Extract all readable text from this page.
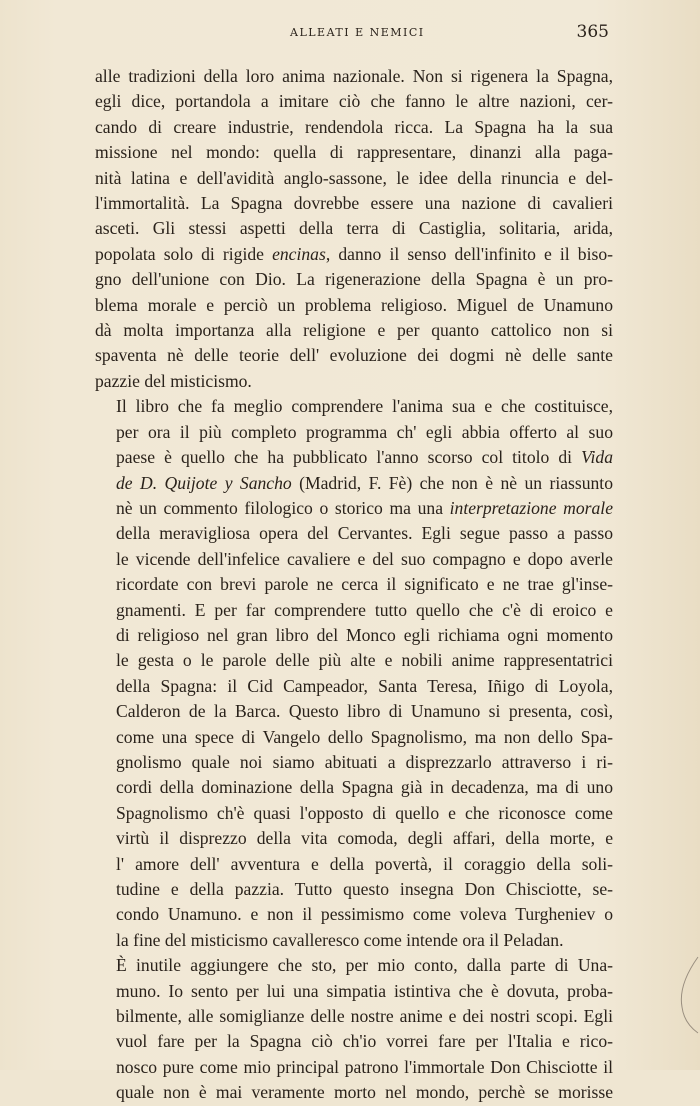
ALLEATI E NEMICI	365
alle tradizioni della loro anima nazionale. Non si rigenera la Spagna,
egli dice, portandola a imitare ciò che fanno le altre nazioni, cer-
cando di creare industrie, rendendola ricca. La Spagna ha la sua
missione nel mondo: quella di rappresentare, dinanzi alla paga-
nità latina e dell'avidità anglo-sassone, le idee della rinuncia e del-
l'immortalità. La Spagna dovrebbe essere una nazione di cavalieri
asceti. Gli stessi aspetti della terra di Castiglia, solitaria, arida,
popolata solo di rigide encinas, danno il senso dell'infinito e il biso-
gno dell'unione con Dio. La rigenerazione della Spagna è un pro-
blema morale e perciò un problema religioso. Miguel de Unamuno
dà molta importanza alla religione e per quanto cattolico non si
spaventa nè delle teorie dell' evoluzione dei dogmi nè delle sante
pazzie del misticismo.
Il libro che fa meglio comprendere l'anima sua e che costituisce,
per ora il più completo programma ch' egli abbia offerto al suo
paese è quello che ha pubblicato l'anno scorso col titolo di Vida
de D. Quijote y Sancho (Madrid, F. Fè) che non è nè un riassunto
nè un commento filologico o storico ma una interpretazione morale
della meravigliosa opera del Cervantes. Egli segue passo a passo
le vicende dell'infelice cavaliere e del suo compagno e dopo averle
ricordate con brevi parole ne cerca il significato e ne trae gl'inse-
gnamenti. E per far comprendere tutto quello che c'è di eroico e
di religioso nel gran libro del Monco egli richiama ogni momento
le gesta o le parole delle più alte e nobili anime rappresentatrici
della Spagna: il Cid Campeador, Santa Teresa, Iñigo di Loyola,
Calderon de la Barca. Questo libro di Unamuno si presenta, così,
come una spece di Vangelo dello Spagnolismo, ma non dello Spa-
gnolismo quale noi siamo abituati a disprezzarlo attraverso i ri-
cordi della dominazione della Spagna già in decadenza, ma di uno
Spagnolismo ch'è quasi l'opposto di quello e che riconosce come
virtù il disprezzo della vita comoda, degli affari, della morte, e
l' amore dell' avventura e della povertà, il coraggio della soli-
tudine e della pazzia. Tutto questo insegna Don Chisciotte, se-
condo Unamuno. e non il pessimismo come voleva Turgheniev o
la fine del misticismo cavalleresco come intende ora il Peladan.
È inutile aggiungere che sto, per mio conto, dalla parte di Una-
muno. Io sento per lui una simpatia istintiva che è dovuta, proba-
bilmente, alle somiglianze delle nostre anime e dei nostri scopi. Egli
vuol fare per la Spagna ciò ch'io vorrei fare per l'Italia e rico-
nosco pure come mio principal patrono l'immortale Don Chisciotte il
quale non è mai veramente morto nel mondo, perchè se morisse
